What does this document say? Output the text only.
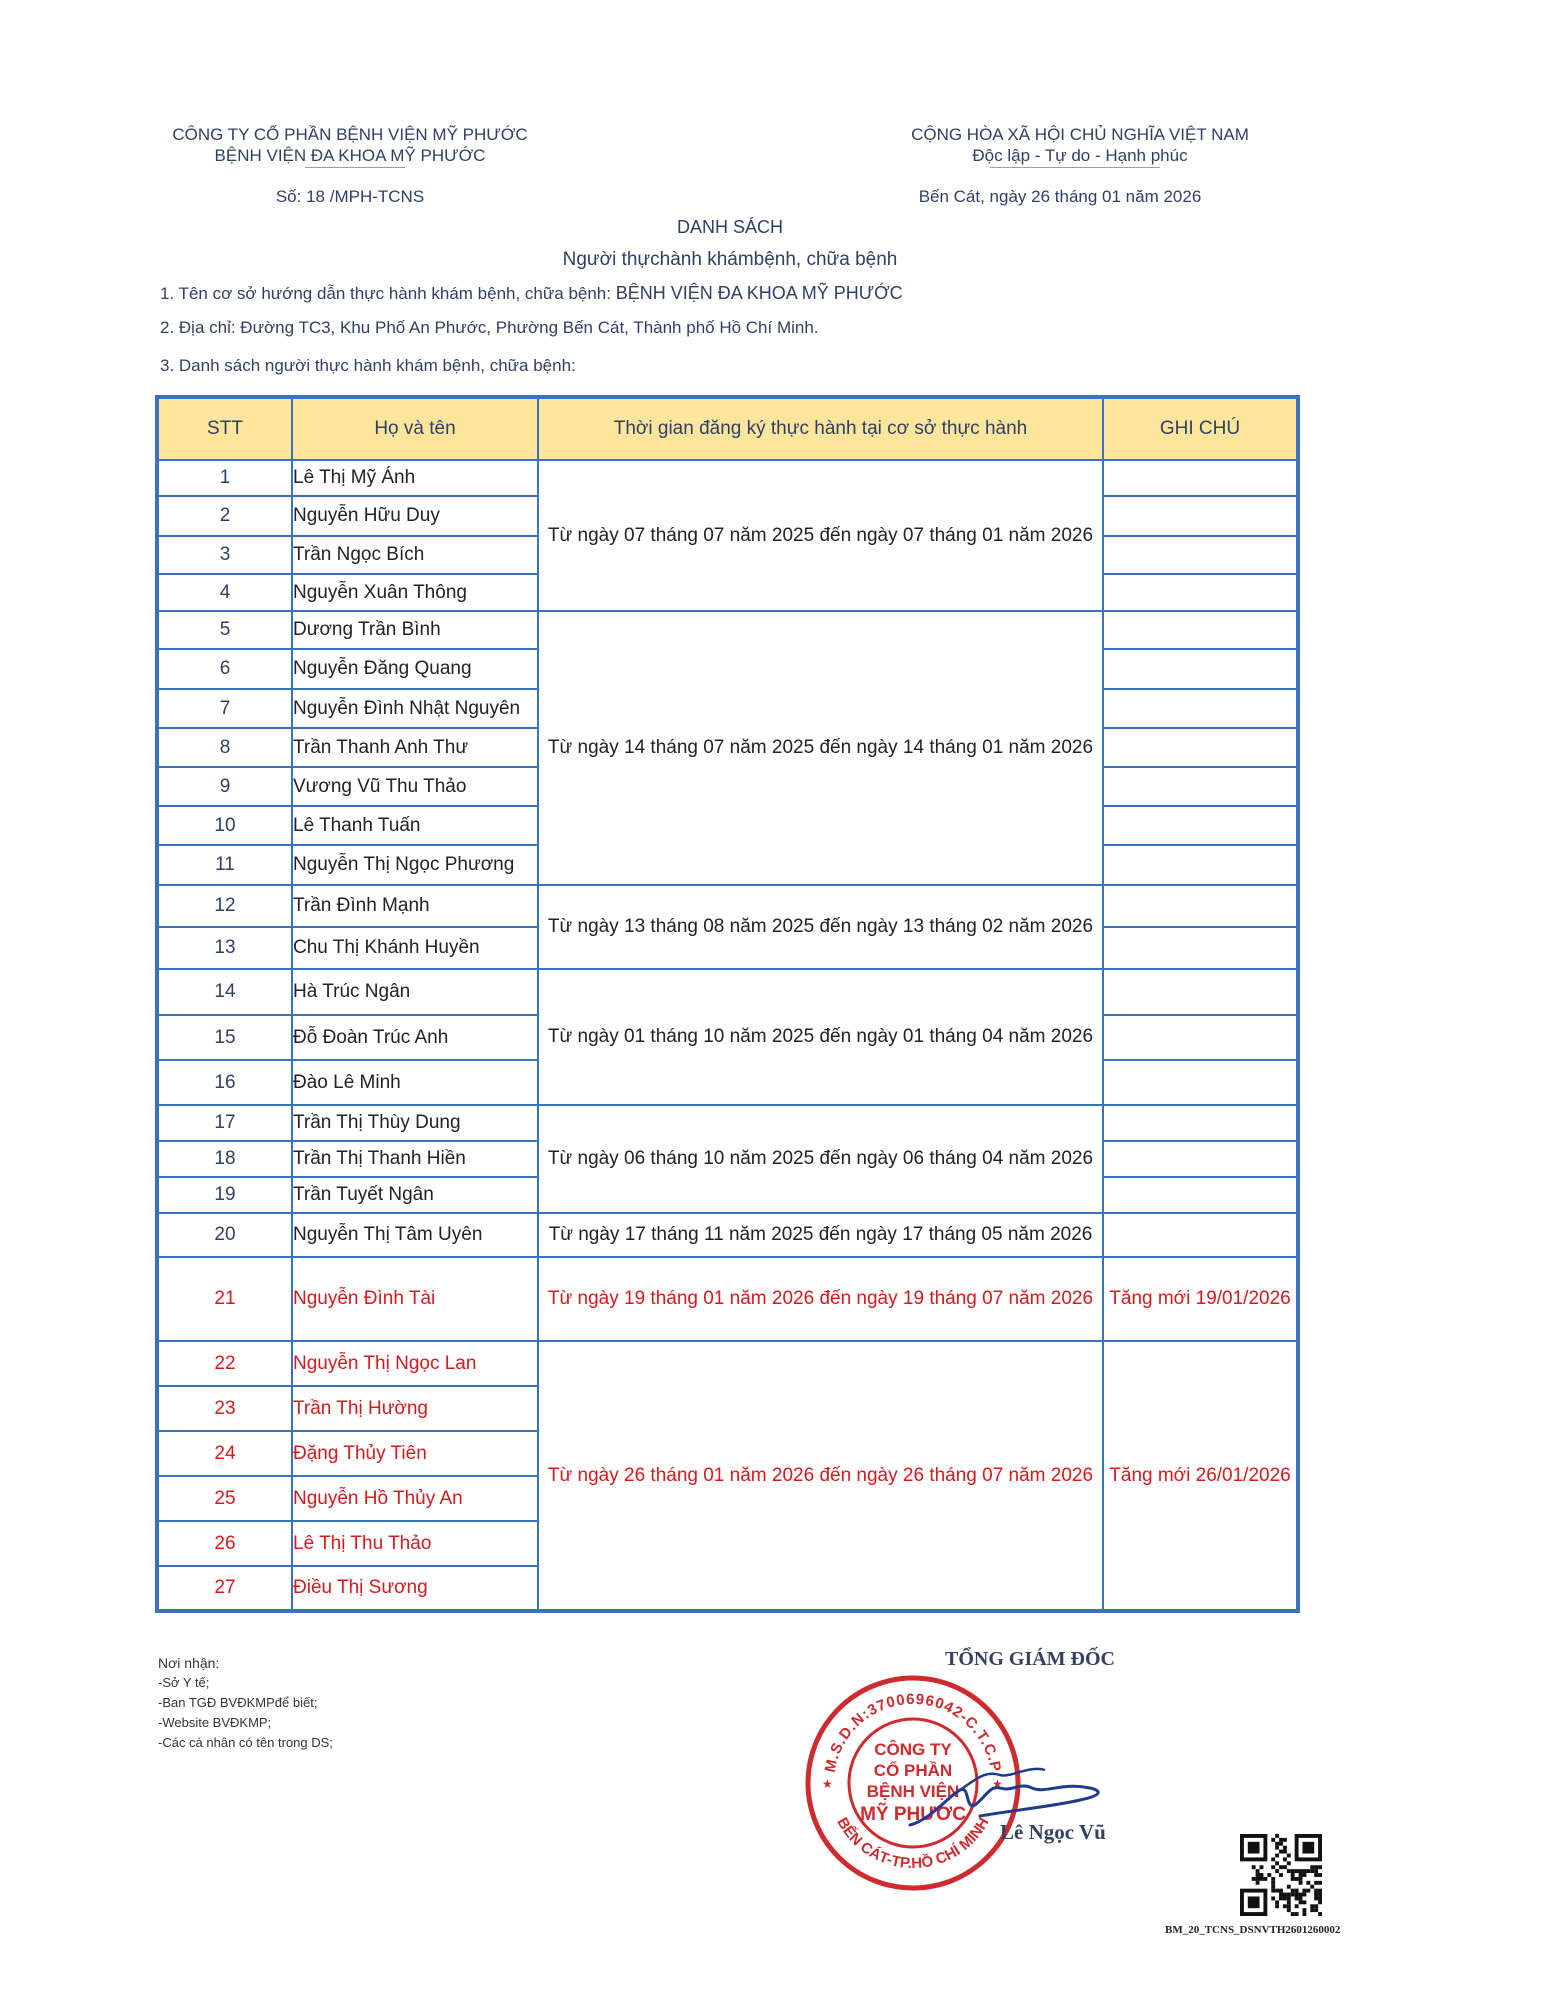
CÔNG TY CỔ PHẦN BỆNH VIỆN MỸ PHƯỚC
BỆNH VIỆN ĐA KHOA MỸ PHƯỚC
Số: 18 /MPH-TCNS
CỘNG HÒA XÃ HỘI CHỦ NGHĨA VIỆT NAM
Độc lập - Tự do - Hạnh phúc
Bến Cát, ngày 26 tháng 01 năm 2026
DANH SÁCH
Người thựchành khámbệnh, chữa bệnh
1. Tên cơ sở hướng dẫn thực hành khám bệnh, chữa bệnh: BỆNH VIỆN ĐA KHOA MỸ PHƯỚC
2. Địa chỉ: Đường TC3, Khu Phố An Phước, Phường Bến Cát, Thành phố Hồ Chí Minh.
3. Danh sách người thực hành khám bệnh, chữa bệnh:
STT	Họ và tên	Thời gian đăng ký thực hành tại cơ sở thực hành	GHI CHÚ
1	Lê Thị Mỹ Ánh	Từ ngày 07 tháng 07 năm 2025 đến ngày 07 tháng 01 năm 2026	
2	Nguyễn Hữu Duy		
3	Trần Ngọc Bích		
4	Nguyễn Xuân Thông		
5	Dương Trần Bình	Từ ngày 14 tháng 07 năm 2025 đến ngày 14 tháng 01 năm 2026	
6	Nguyễn Đăng Quang		
7	Nguyễn Đình Nhật Nguyên		
8	Trần Thanh Anh Thư		
9	Vương Vũ Thu Thảo		
10	Lê Thanh Tuấn		
11	Nguyễn Thị Ngọc Phương		
12	Trần Đình Mạnh	Từ ngày 13 tháng 08 năm 2025 đến ngày 13 tháng 02 năm 2026	
13	Chu Thị Khánh Huyền		
14	Hà Trúc Ngân	Từ ngày 01 tháng 10 năm 2025 đến ngày 01 tháng 04 năm 2026	
15	Đỗ Đoàn Trúc Anh		
16	Đào Lê Minh		
17	Trần Thị Thùy Dung	Từ ngày 06 tháng 10 năm 2025 đến ngày 06 tháng 04 năm 2026	
18	Trần Thị Thanh Hiền		
19	Trần Tuyết Ngân		
20	Nguyễn Thị Tâm Uyên	Từ ngày 17 tháng 11 năm 2025 đến ngày 17 tháng 05 năm 2026	
21	Nguyễn Đình Tài	Từ ngày 19 tháng 01 năm 2026 đến ngày 19 tháng 07 năm 2026	Tăng mới 19/01/2026
22	Nguyễn Thị Ngọc Lan	Từ ngày 26 tháng 01 năm 2026 đến ngày 26 tháng 07 năm 2026	Tăng mới 26/01/2026
23	Trần Thị Hường		
24	Đặng Thủy Tiên		
25	Nguyễn Hồ Thủy An		
26	Lê Thị Thu Thảo		
27	Điều Thị Sương		
Nơi nhận:
-Sở Y tế;
-Ban TGĐ BVĐKMPđể biết;
-Website BVĐKMP;
-Các cá nhân có tên trong DS;
TỔNG GIÁM ĐỐC
M.S.D.N:3700696042-C.T.C.P
BẾN CÁT-TP.HỒ CHÍ MINH
CÔNG TY
CỔ PHẦN
BỆNH VIỆN
MỸ PHƯỚC
★	★
Lê Ngọc Vũ
BM_20_TCNS_DSNVTH2601260002
